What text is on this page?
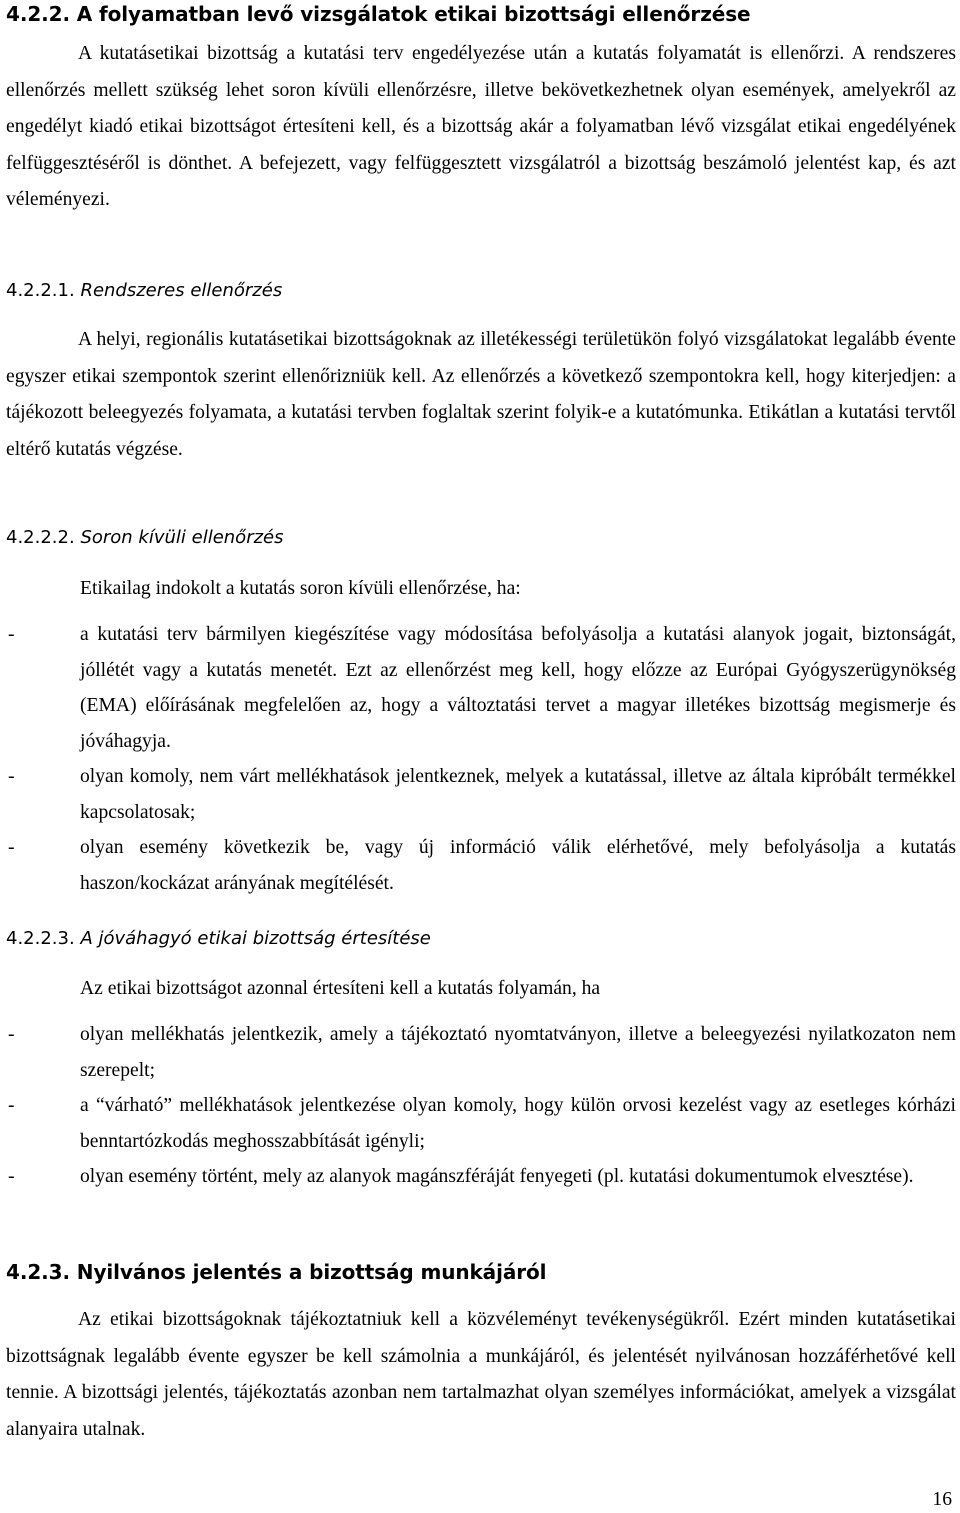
4.2.2. A folyamatban levő vizsgálatok etikai bizottsági ellenőrzése

A kutatásetikai bizottság a kutatási terv engedélyezése után a kutatás folyamatát is ellenőrzi. A rendszeres ellenőrzés mellett szükség lehet soron kívüli ellenőrzésre, illetve bekövetkezhetnek olyan események, amelyekről az engedélyt kiadó etikai bizottságot értesíteni kell, és a bizottság akár a folyamatban lévő vizsgálat etikai engedélyének felfüggesztéséről is dönthet. A befejezett, vagy felfüggesztett vizsgálatról a bizottság beszámoló jelentést kap, és azt véleményezi.

4.2.2.1. Rendszeres ellenőrzés

A helyi, regionális kutatásetikai bizottságoknak az illetékességi területükön folyó vizsgálatokat legalább évente egyszer etikai szempontok szerint ellenőrizniük kell. Az ellenőrzés a következő szempontokra kell, hogy kiterjedjen: a tájékozott beleegyezés folyamata, a kutatási tervben foglaltak szerint folyik-e a kutatómunka. Etikátlan a kutatási tervtől eltérő kutatás végzése.

4.2.2.2. Soron kívüli ellenőrzés

Etikailag indokolt a kutatás soron kívüli ellenőrzése, ha:

-	a kutatási terv bármilyen kiegészítése vagy módosítása befolyásolja a kutatási alanyok jogait, biztonságát, jóllétét vagy a kutatás menetét. Ezt az ellenőrzést meg kell, hogy előzze az Európai Gyógyszerügynökség (EMA) előírásának megfelelően az, hogy a változtatási tervet a magyar illetékes bizottság megismerje és jóváhagyja.
-	olyan komoly, nem várt mellékhatások jelentkeznek, melyek a kutatással, illetve az általa kipróbált termékkel kapcsolatosak;
-	olyan esemény következik be, vagy új információ válik elérhetővé, mely befolyásolja a kutatás haszon/kockázat arányának megítélését.
4.2.2.3. A jóváhagyó etikai bizottság értesítése

Az etikai bizottságot azonnal értesíteni kell a kutatás folyamán, ha

-	olyan mellékhatás jelentkezik, amely a tájékoztató nyomtatványon, illetve a beleegyezési nyilatkozaton nem szerepelt;
-	a “várható” mellékhatások jelentkezése olyan komoly, hogy külön orvosi kezelést vagy az esetleges kórházi benntartózkodás meghosszabbítását igényli;
-	olyan esemény történt, mely az alanyok magánszféráját fenyegeti (pl. kutatási dokumentumok elvesztése).
4.2.3. Nyilvános jelentés a bizottság munkájáról

Az etikai bizottságoknak tájékoztatniuk kell a közvéleményt tevékenységükről. Ezért minden kutatásetikai bizottságnak legalább évente egyszer be kell számolnia a munkájáról, és jelentését nyilvánosan hozzáférhetővé kell tennie. A bizottsági jelentés, tájékoztatás azonban nem tartalmazhat olyan személyes információkat, amelyek a vizsgálat alanyaira utalnak.

16
